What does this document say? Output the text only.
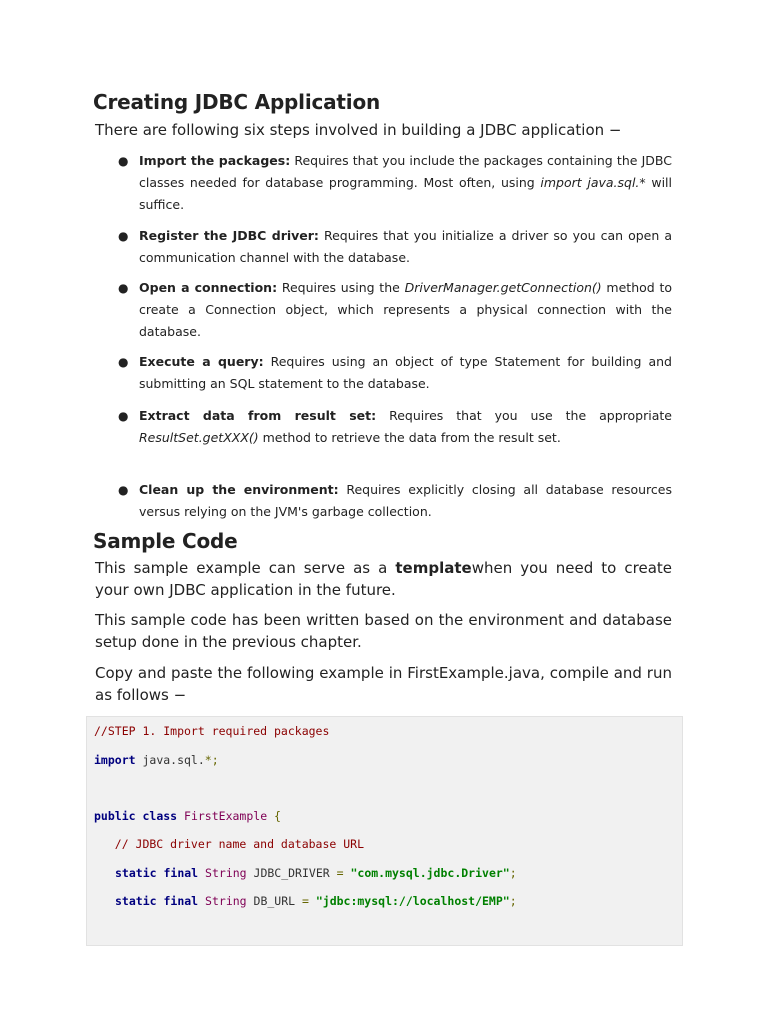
Creating JDBC Application
There are following six steps involved in building a JDBC application −
● Import the packages: Requires that you include the packages containing the JDBC classes needed for database programming. Most often, using import java.sql.* will suffice.
● Register the JDBC driver: Requires that you initialize a driver so you can open a communication channel with the database.
● Open a connection: Requires using the DriverManager.getConnection() method to create a Connection object, which represents a physical connection with the database.
● Execute a query: Requires using an object of type Statement for building and submitting an SQL statement to the database.
● Extract data from result set: Requires that you use the appropriate ResultSet.getXXX() method to retrieve the data from the result set.
● Clean up the environment: Requires explicitly closing all database resources versus relying on the JVM's garbage collection.
Sample Code
This sample example can serve as a templatewhen you need to create your own JDBC application in the future.
This sample code has been written based on the environment and database setup done in the previous chapter.
Copy and paste the following example in FirstExample.java, compile and run as follows −
//STEP 1. Import required packages
import java.sql.*;
public class FirstExample {
// JDBC driver name and database URL
static final String JDBC_DRIVER = "com.mysql.jdbc.Driver";
static final String DB_URL = "jdbc:mysql://localhost/EMP";
